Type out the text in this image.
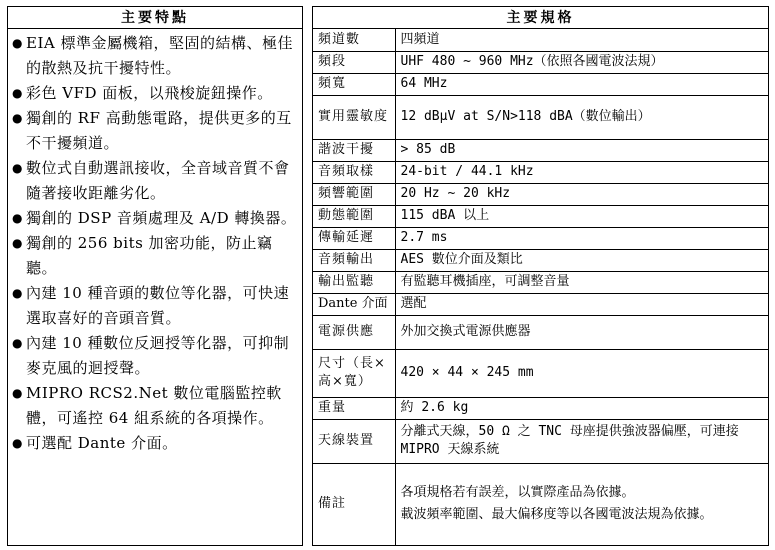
主要特點
● EIA 標準金屬機箱，堅固的結構、極佳的散熱及抗干擾特性。
● 彩色 VFD 面板，以飛梭旋鈕操作。
● 獨創的 RF 高動態電路，提供更多的互不干擾頻道。
● 數位式自動選訊接收，全音域音質不會隨著接收距離劣化。
● 獨創的 DSP 音頻處理及 A/D 轉換器。
● 獨創的 256 bits 加密功能，防止竊聽。
● 內建 10 種音頭的數位等化器，可快速選取喜好的音頭音質。
● 內建 10 種數位反迴授等化器，可抑制麥克風的迴授聲。
● MIPRO RCS2.Net 數位電腦監控軟體，可遙控 64 組系統的各項操作。
● 可選配 Dante 介面。
主要規格
頻道數	四頻道
頻段	UHF 480 ~ 960 MHz（依照各國電波法規）
頻寬	64 MHz
實用靈敏度	12 dBμV at S/N>118 dBA（數位輸出）
諧波干擾	> 85 dB
音頻取樣	24-bit / 44.1 kHz
頻響範圍	20 Hz ~ 20 kHz
動態範圍	115 dBA 以上
傳輸延遲	2.7 ms
音頻輸出	AES 數位介面及類比
輸出監聽	有監聽耳機插座，可調整音量
Dante 介面	選配
電源供應	外加交換式電源供應器
尺寸（長×高×寬）	420 × 44 × 245 mm
重量	約 2.6 kg
天線裝置	分離式天線，50 Ω 之 TNC 母座提供強波器偏壓，可連接 MIPRO 天線系統
備註	各項規格若有誤差，以實際產品為依據。
載波頻率範圍、最大偏移度等以各國電波法規為依據。
